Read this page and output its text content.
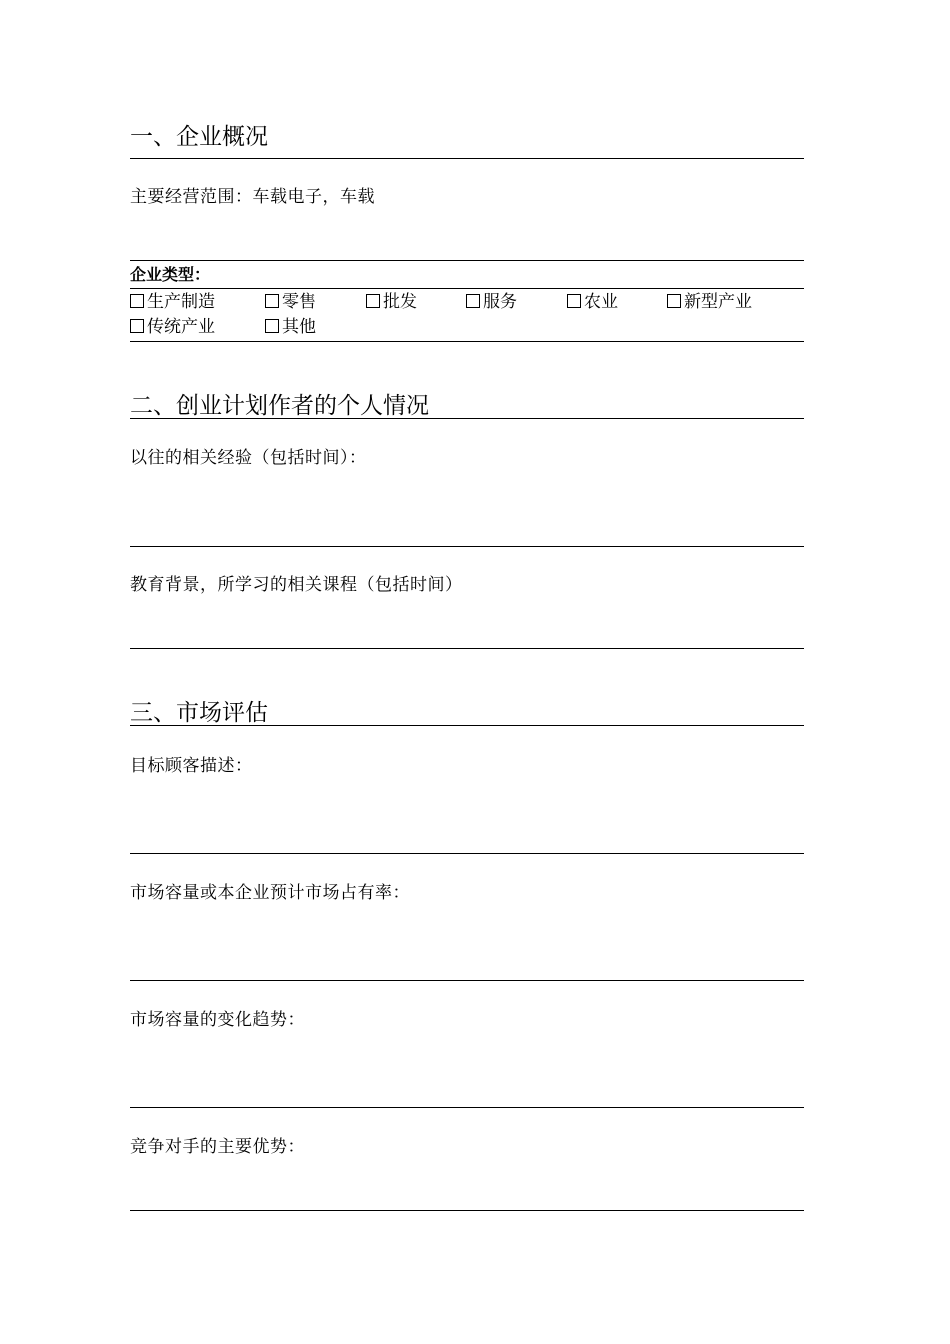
一、企业概况
主要经营范围：车载电子，车载
企业类型：
生产制造	零售	批发	服务	农业	新型产业
传统产业	其他
二、创业计划作者的个人情况
以往的相关经验（包括时间）：
教育背景，所学习的相关课程（包括时间）
三、市场评估
目标顾客描述：
市场容量或本企业预计市场占有率：
市场容量的变化趋势：
竞争对手的主要优势：
